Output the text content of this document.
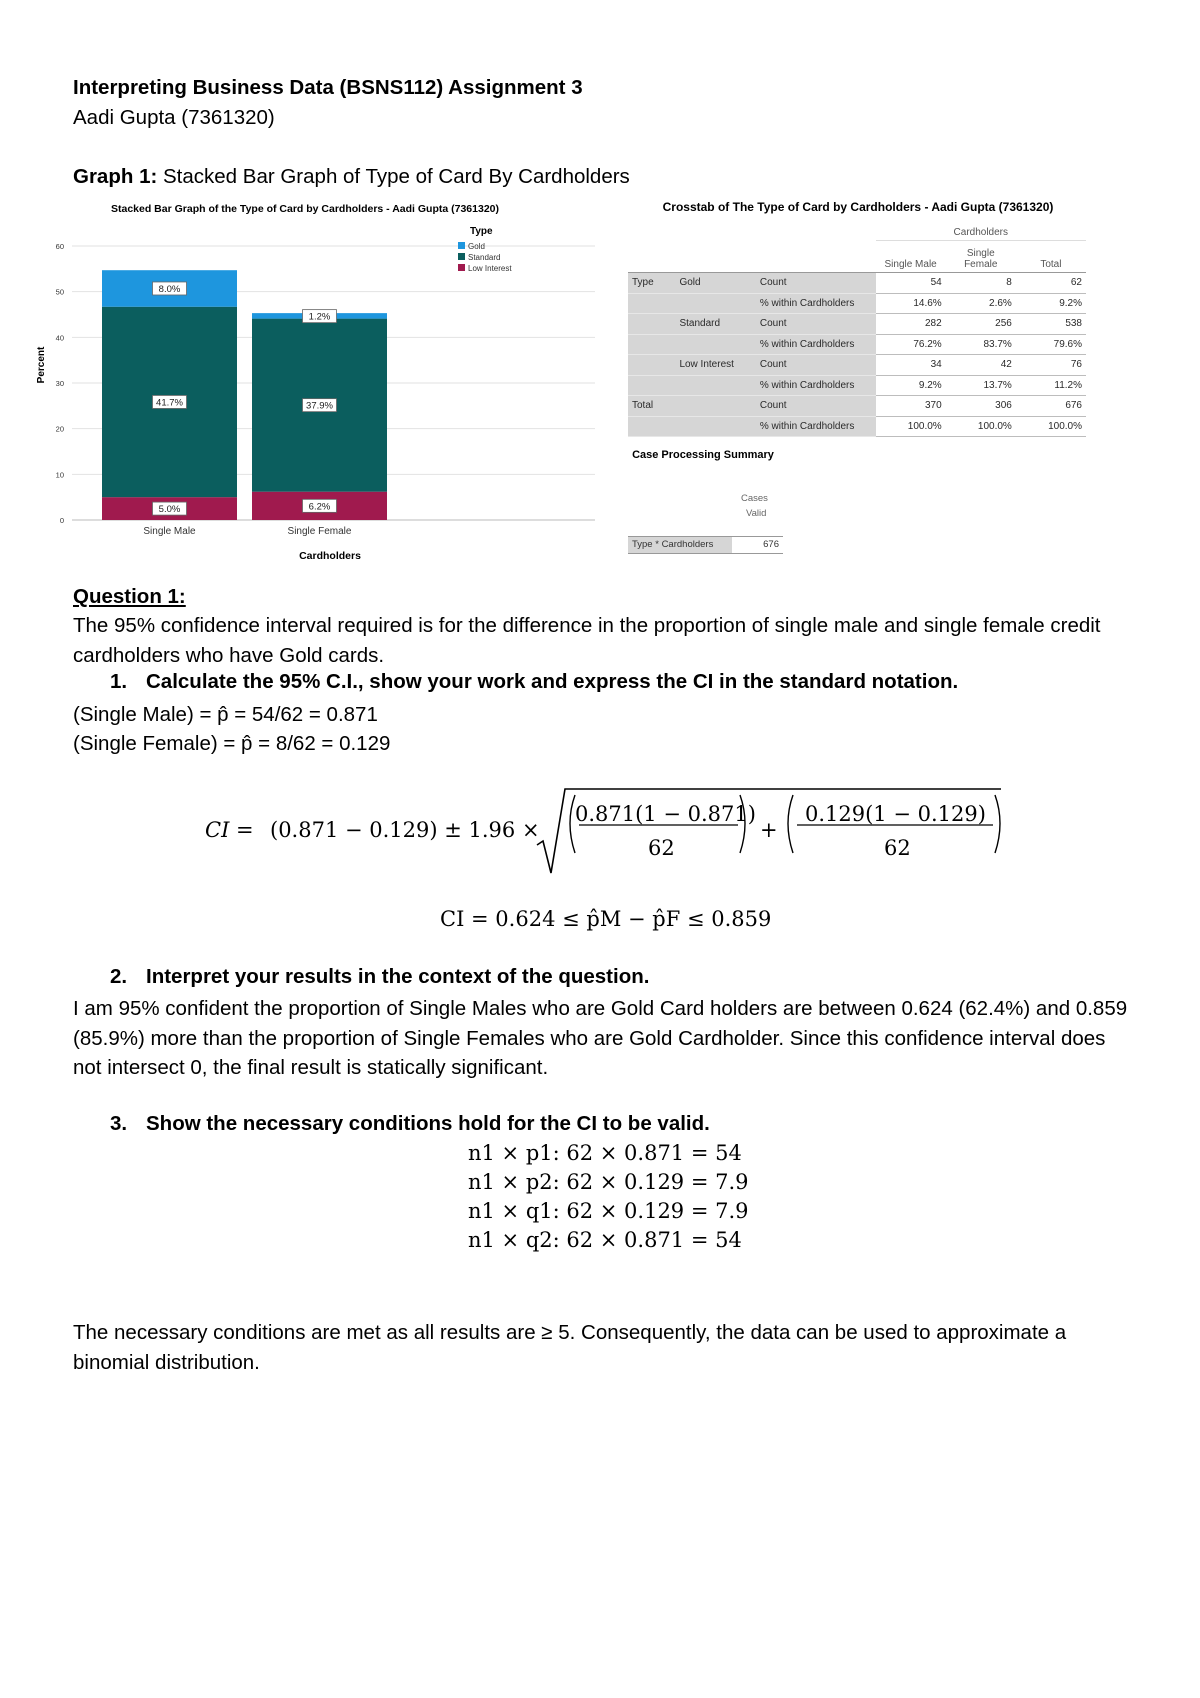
Interpreting Business Data (BSNS112) Assignment 3
Aadi Gupta (7361320)
Graph 1: Stacked Bar Graph of Type of Card By Cardholders
Stacked Bar Graph of the Type of Card by Cardholders - Aadi Gupta (7361320)
0
10
20
30
40
50
60
5.0%
41.7%
8.0%
Single Male
6.2%
37.9%
1.2%
Single Female
Type
Gold
Standard
Low Interest
Percent
Cardholders
Crosstab of The Type of Card by Cardholders - Aadi Gupta (7361320)
			Cardholders		
			Single Male	Single
Female	Total
Type	Gold	Count	54	8	62
		% within Cardholders	14.6%	2.6%	9.2%
	Standard	Count	282	256	538
		% within Cardholders	76.2%	83.7%	79.6%
	Low Interest	Count	34	42	76
		% within Cardholders	9.2%	13.7%	11.2%
Total		Count	370	306	676
		% within Cardholders	100.0%	100.0%	100.0%
Case Processing Summary
Cases
Valid
Type * Cardholders	676
Question 1:
The 95% confidence interval required is for the difference in the proportion of single male and single female credit cardholders who have Gold cards.
1. Calculate the 95% C.I., show your work and express the CI in the standard notation.
(Single Male) = p̂ = 54/62 = 0.871
(Single Female) = p̂ = 8/62 = 0.129
CI = (0.871 − 0.129) ± 1.96 ×
0.871(1 − 0.871)
62
+
0.129(1 − 0.129)
62
CI = 0.624 ≤ p̂M − p̂F ≤ 0.859
2. Interpret your results in the context of the question.
I am 95% confident the proportion of Single Males who are Gold Card holders are between 0.624 (62.4%) and 0.859 (85.9%) more than the proportion of Single Females who are Gold Cardholder. Since this confidence interval does not intersect 0, the final result is statically significant.
3. Show the necessary conditions hold for the CI to be valid.
n1 × p1: 62 × 0.871 = 54
n1 × p2: 62 × 0.129 = 7.9
n1 × q1: 62 × 0.129 = 7.9
n1 × q2: 62 × 0.871 = 54
The necessary conditions are met as all results are ≥ 5. Consequently, the data can be used to approximate a binomial distribution.
